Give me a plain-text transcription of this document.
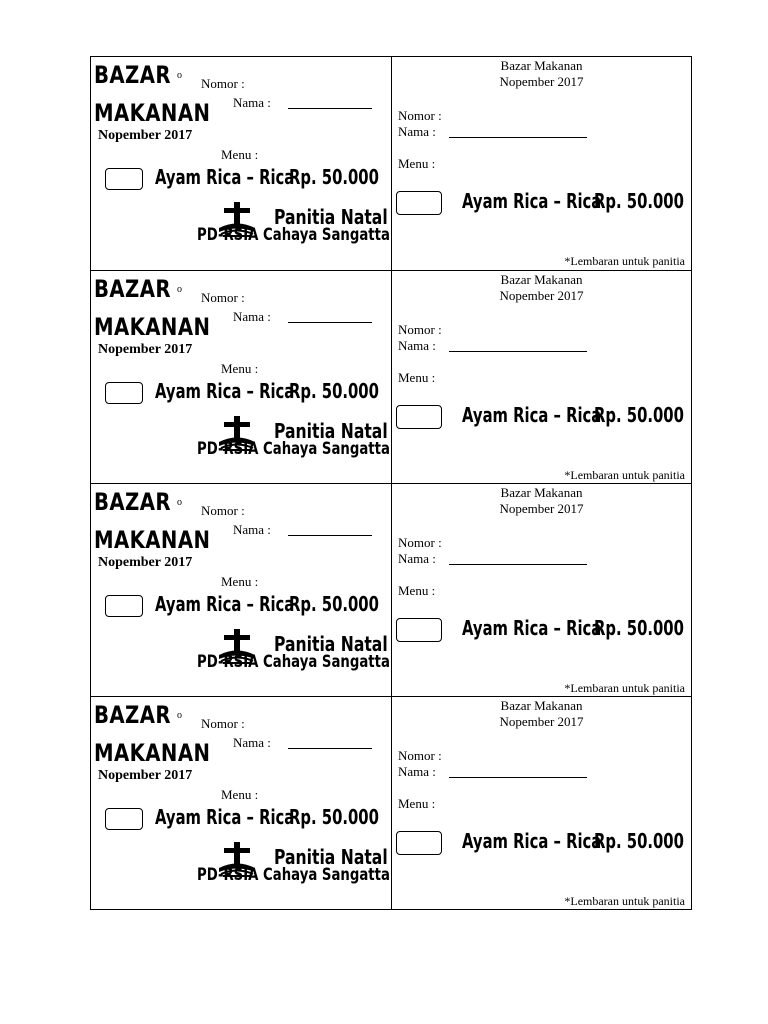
BAZAR o
Nomor :
MAKANAN Nama :
Nopember 2017
Menu :
Ayam Rica – Rica
Rp. 50.000
Panitia Natal
PD-RSIA Cahaya Sangatta
Bazar Makanan
Nopember 2017
Nomor :
Nama :
Menu :
Ayam Rica – Rica
Rp. 50.000
*Lembaran untuk panitia
BAZAR o
Nomor :
MAKANAN Nama :
Nopember 2017
Menu :
Ayam Rica – Rica
Rp. 50.000
Panitia Natal
PD-RSIA Cahaya Sangatta
Bazar Makanan
Nopember 2017
Nomor :
Nama :
Menu :
Ayam Rica – Rica
Rp. 50.000
*Lembaran untuk panitia
BAZAR o
Nomor :
MAKANAN Nama :
Nopember 2017
Menu :
Ayam Rica – Rica
Rp. 50.000
Panitia Natal
PD-RSIA Cahaya Sangatta
Bazar Makanan
Nopember 2017
Nomor :
Nama :
Menu :
Ayam Rica – Rica
Rp. 50.000
*Lembaran untuk panitia
BAZAR o
Nomor :
MAKANAN Nama :
Nopember 2017
Menu :
Ayam Rica – Rica
Rp. 50.000
Panitia Natal
PD-RSIA Cahaya Sangatta
Bazar Makanan
Nopember 2017
Nomor :
Nama :
Menu :
Ayam Rica – Rica
Rp. 50.000
*Lembaran untuk panitia
